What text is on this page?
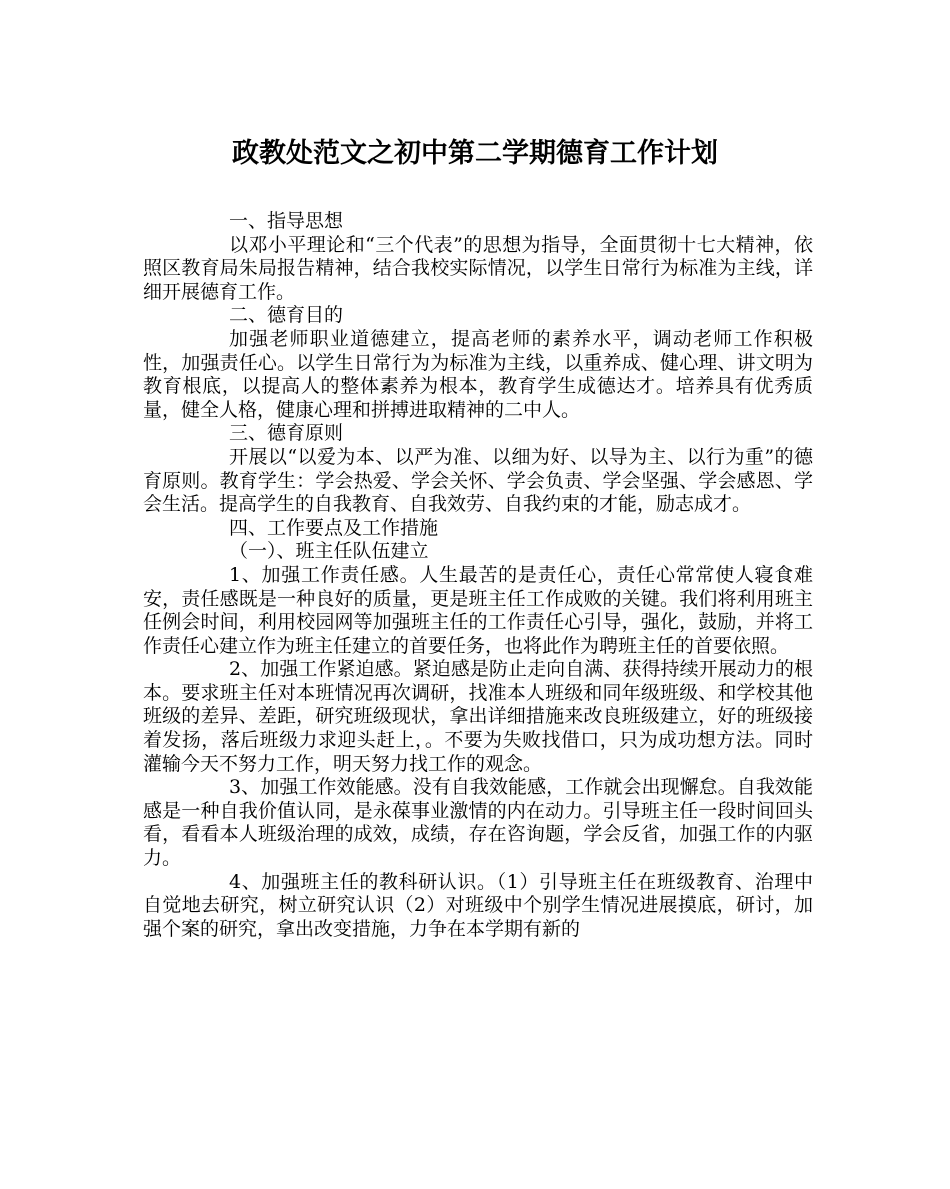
政教处范文之初中第二学期德育工作计划

一、指导思想

以邓小平理论和“三个代表”的思想为指导，全面贯彻十七大精神，依照区教育局朱局报告精神，结合我校实际情况，以学生日常行为标准为主线，详细开展德育工作。

二、德育目的

加强老师职业道德建立，提高老师的素养水平，调动老师工作积极性，加强责任心。以学生日常行为为标准为主线，以重养成、健心理、讲文明为教育根底，以提高人的整体素养为根本，教育学生成德达才。培养具有优秀质量，健全人格，健康心理和拼搏进取精神的二中人。

三、德育原则

开展以“以爱为本、以严为准、以细为好、以导为主、以行为重”的德育原则。教育学生：学会热爱、学会关怀、学会负责、学会坚强、学会感恩、学会生活。提高学生的自我教育、自我效劳、自我约束的才能，励志成才。

四、工作要点及工作措施

（一）、班主任队伍建立

1、加强工作责任感。人生最苦的是责任心，责任心常常使人寝食难安，责任感既是一种良好的质量，更是班主任工作成败的关键。我们将利用班主任例会时间，利用校园网等加强班主任的工作责任心引导，强化，鼓励，并将工作责任心建立作为班主任建立的首要任务，也将此作为聘班主任的首要依照。

2、加强工作紧迫感。紧迫感是防止走向自满、获得持续开展动力的根本。要求班主任对本班情况再次调研，找准本人班级和同年级班级、和学校其他班级的差异、差距，研究班级现状，拿出详细措施来改良班级建立，好的班级接着发扬，落后班级力求迎头赶上，。不要为失败找借口，只为成功想方法。同时灌输今天不努力工作，明天努力找工作的观念。

3、加强工作效能感。没有自我效能感，工作就会出现懈怠。自我效能感是一种自我价值认同，是永葆事业激情的内在动力。引导班主任一段时间回头看，看看本人班级治理的成效，成绩，存在咨询题，学会反省，加强工作的内驱力。

4、加强班主任的教科研认识。（1）引导班主任在班级教育、治理中自觉地去研究，树立研究认识（2）对班级中个别学生情况进展摸底，研讨，加强个案的研究，拿出改变措施，力争在本学期有新的
